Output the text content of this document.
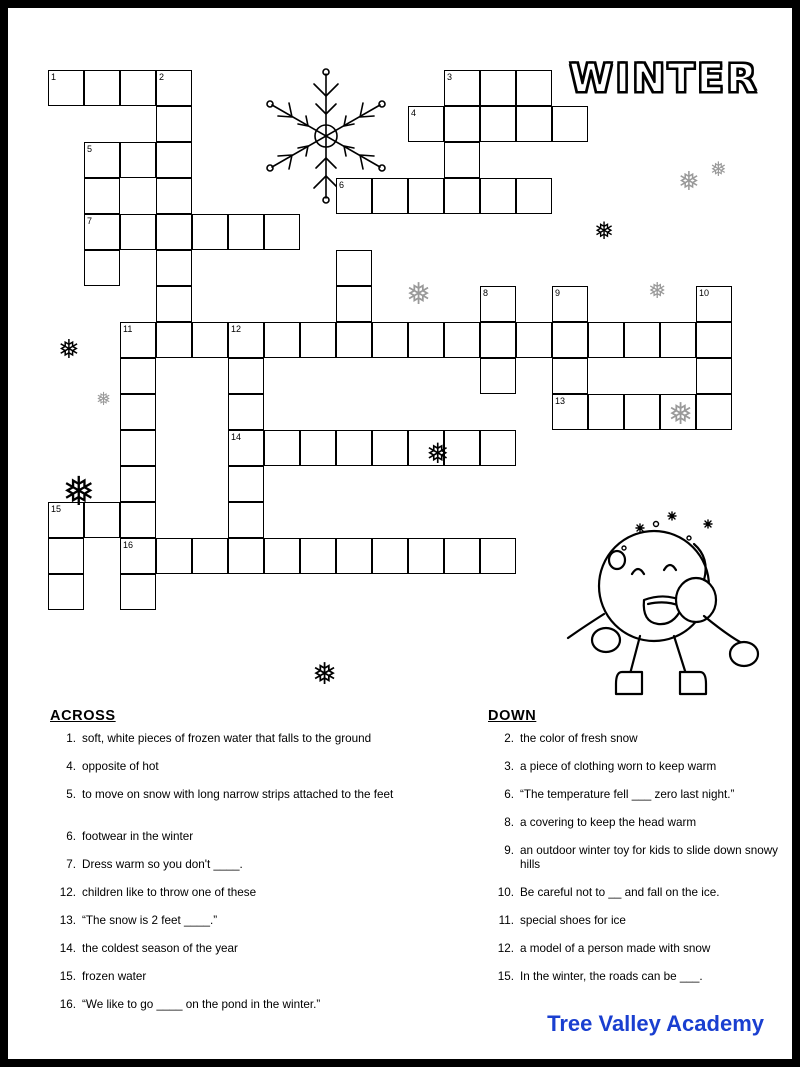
WINTER
1	2	3
4
5
6
7
8	9	10
11	12
13
14
15
16
❅ ❅
❅
❅	❅
❅
❅	❅
❅
❅
❅
ACROSS	DOWN
1. soft, white pieces of frozen water that falls to the ground
4. opposite of hot
5. to move on snow with long narrow strips attached to the feet
6. footwear in the winter
7. Dress warm so you don't ____.
12. children like to throw one of these
13. “The snow is 2 feet ____.”
14. the coldest season of the year
15. frozen water
16. “We like to go ____ on the pond in the winter.”
2. the color of fresh snow
3. a piece of clothing worn to keep warm
6. “The temperature fell ___ zero last night.”
8. a covering to keep the head warm
9. an outdoor winter toy for kids to slide down snowy hills
10. Be careful not to __ and fall on the ice.
11. special shoes for ice
12. a model of a person made with snow
15. In the winter, the roads can be ___.
Tree Valley Academy
